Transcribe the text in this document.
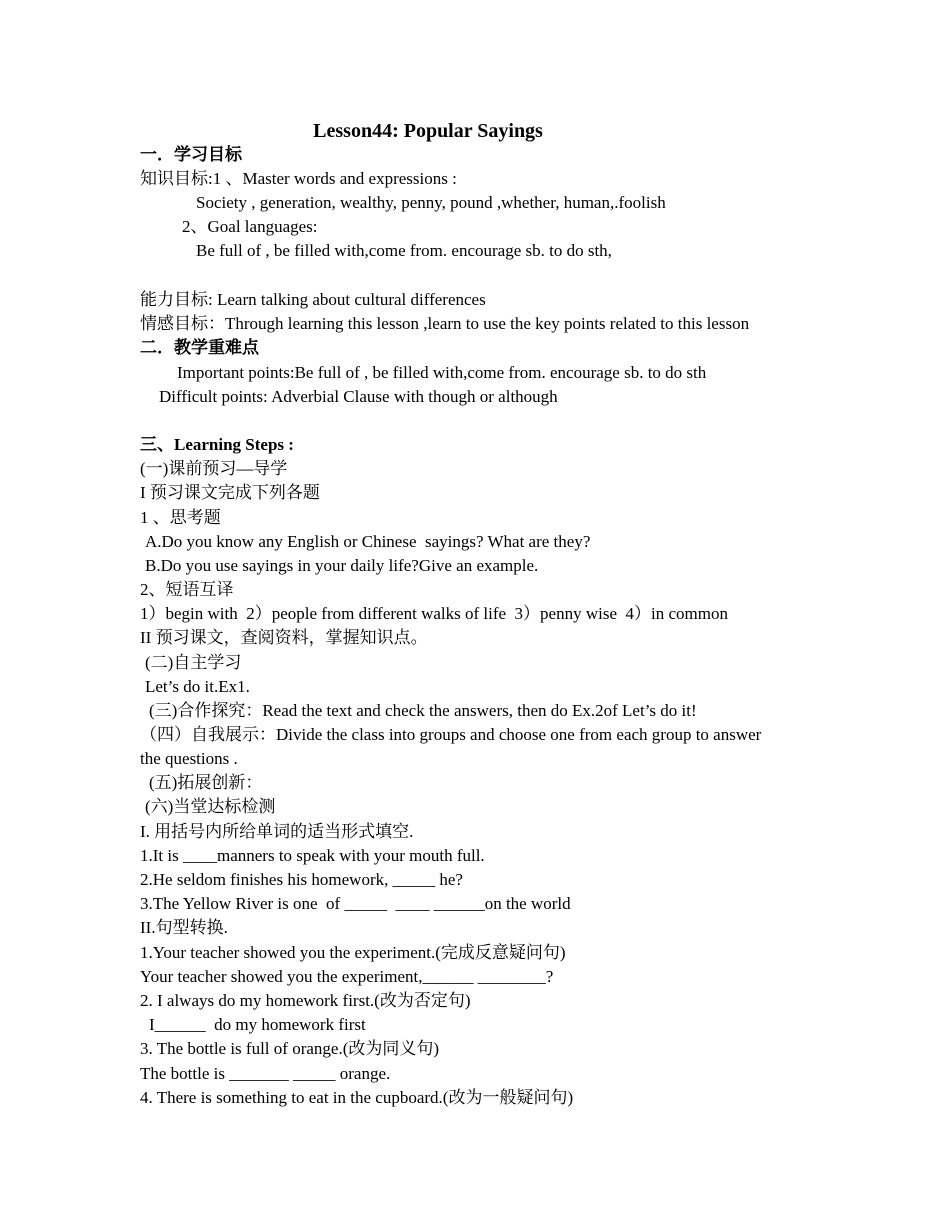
Lesson44: Popular Sayings
一．学习目标
知识目标:1 、Master words and expressions :
Society , generation, wealthy, penny, pound ,whether, human,.foolish
2、Goal languages:
Be full of , be filled with,come from. encourage sb. to do sth,
能力目标: Learn talking about cultural differences
情感目标：Through learning this lesson ,learn to use the key points related to this lesson
二．教学重难点
Important points:Be full of , be filled with,come from. encourage sb. to do sth
Difficult points: Adverbial Clause with though or although
三、Learning Steps :
(一)课前预习—导学
I 预习课文完成下列各题
1 、思考题
A.Do you know any English or Chinese  sayings? What are they?
B.Do you use sayings in your daily life?Give an example.
2、短语互译
1）begin with  2）people from different walks of life  3）penny wise  4）in common
II 预习课文，查阅资料，掌握知识点。
(二)自主学习
Let’s do it.Ex1.
(三)合作探究：Read the text and check the answers, then do Ex.2of Let’s do it!
（四）自我展示：Divide the class into groups and choose one from each group to answer
the questions .
(五)拓展创新：
(六)当堂达标检测
I. 用括号内所给单词的适当形式填空.
1.It is ____manners to speak with your mouth full.
2.He seldom finishes his homework, _____ he?
3.The Yellow River is one  of _____  ____ ______on the world
II.句型转换.
1.Your teacher showed you the experiment.(完成反意疑问句)
Your teacher showed you the experiment,______ ________?
2. I always do my homework first.(改为否定句)
I______  do my homework first
3. The bottle is full of orange.(改为同义句)
The bottle is _______ _____ orange.
4. There is something to eat in the cupboard.(改为一般疑问句)
